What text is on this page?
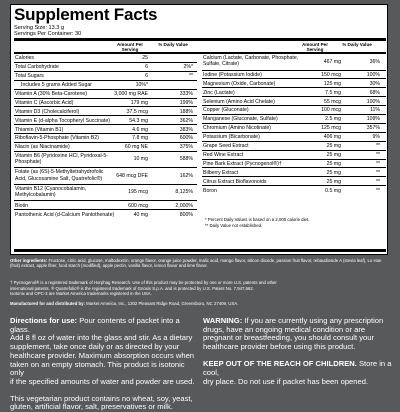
Supplement Facts
Serving Size: 13.3 g
Servings Per Container: 30
Amount Per Serving
% Daily Value	Amount Per Serving
% Daily Value
Calories	25
Total Carbohydrate	6	2%*
Total Sugars	6	**
Includes 5 grams Added Sugar	10%*
Vitamin A (30% Beta-Carotene)	3,000 mg RAE	333%
Vitamin C (Ascorbic Acid)	179 mg	199%
Vitamin D3 (Cholecalciferol)	37.5 mcg	188%
Vitamin E (d-alpha Tocopheryl Succinate)	54.3 mg	362%
Thiamin (Vitamin B1)	4.6 mg	383%
Riboflavin-5-Phosphate (Vitamin B2)	7.8 mg	600%
Niacin (as Niacinamide)	60 mg NE	375%
Vitamin B6 (Pyridoxine HCl, Pyridoxal-5-Phosphate)	10 mg	588%
Folate (as (6S)-5-Methyltetrahydrofolic Acid, Glucosamine Salt, Quatrefolic®)	648 mcg DFE	162%
Vitamin B12 (Cyanocobalamin, Methylcobalamin)	195 mcg	8,125%
Biotin	600 mcg	2,000%
Pantothenic Acid (d-Calcium Pantothenate)	40 mg	800%
Calcium (Lactate, Carbonate, Phosphate, Sulfate, Citrate)	467 mg	36%
Iodine (Potassium Iodide)	150 mcg	100%
Magnesium (Oxide, Carbonate)	125 mg	30%
Zinc (Lactate)	7.5 mg	68%
Selenium (Amino Acid Chelate)	55 mcg	100%
Copper (Gluconate)	100 mcg	11%
Manganese (Gluconate, Sulfate)	2.5 mg	109%
Chromium (Amino Nicotinate)	125 mcg	357%
Potassium (Bicarbonate)	406 mg	9%
Grape Seed Extract	25 mg	**
Red Wine Extract	25 mg	**
Pine Bark Extract (Pycnogenol®)†	25 mg	**
Bilberry Extract	25 mg	**
Citrus Extract Bioflavonoids	25 mg	**
Boron	0.5 mg	**
* Percent Daily Values is based on a 2,000 calorie diet.
** Daily Value not established.
Other ingredients: Fructose, citric acid, glucose, maltodextrin, orange flavor, orange juice powder, malic acid, mango flavor, silicon dioxide, passion fruit flavor, rebaudioside A (stevia leaf), Lo Han (fruit) extract, apple fiber, food starch (modified), apple pectin, vanilla flavor, lemon flavor and lime flavor.
† Pycnogenol® is a registered trademark of Horphag Research. Use of this product may be protected by one or more U.S. patents and other
international patents. ® Quatrefolic® is the registered trademark of Gnosis S.p.A. and is protected by U.S. Patent No. 7,947,662.
Isotonix and OPC-3 are Market America trademarks registered in the USA.
Manufactured for and distributed by: Market America, Inc., 1302 Pleasant Ridge Road, Greensboro, NC 27409, USA.
Directions for use: Pour contents of packet into a glass.
Add 8 fl oz of water into the glass and stir. As a dietary
supplement, take once daily or as directed by your
healthcare provider. Maximum absorption occurs when
taken on an empty stomach. This product is isotonic only
if the specified amounts of water and powder are used.
This vegetarian product contains no wheat, soy, yeast,
gluten, artificial flavor, salt, preservatives or milk.
WARNING: If you are currently using any prescription
drugs, have an ongoing medical condition or are
pregnant or breastfeeding, you should consult your
healthcare provider before using this product.
KEEP OUT OF THE REACH OF CHILDREN. Store in a cool,
dry place. Do not use if packet has been opened.
